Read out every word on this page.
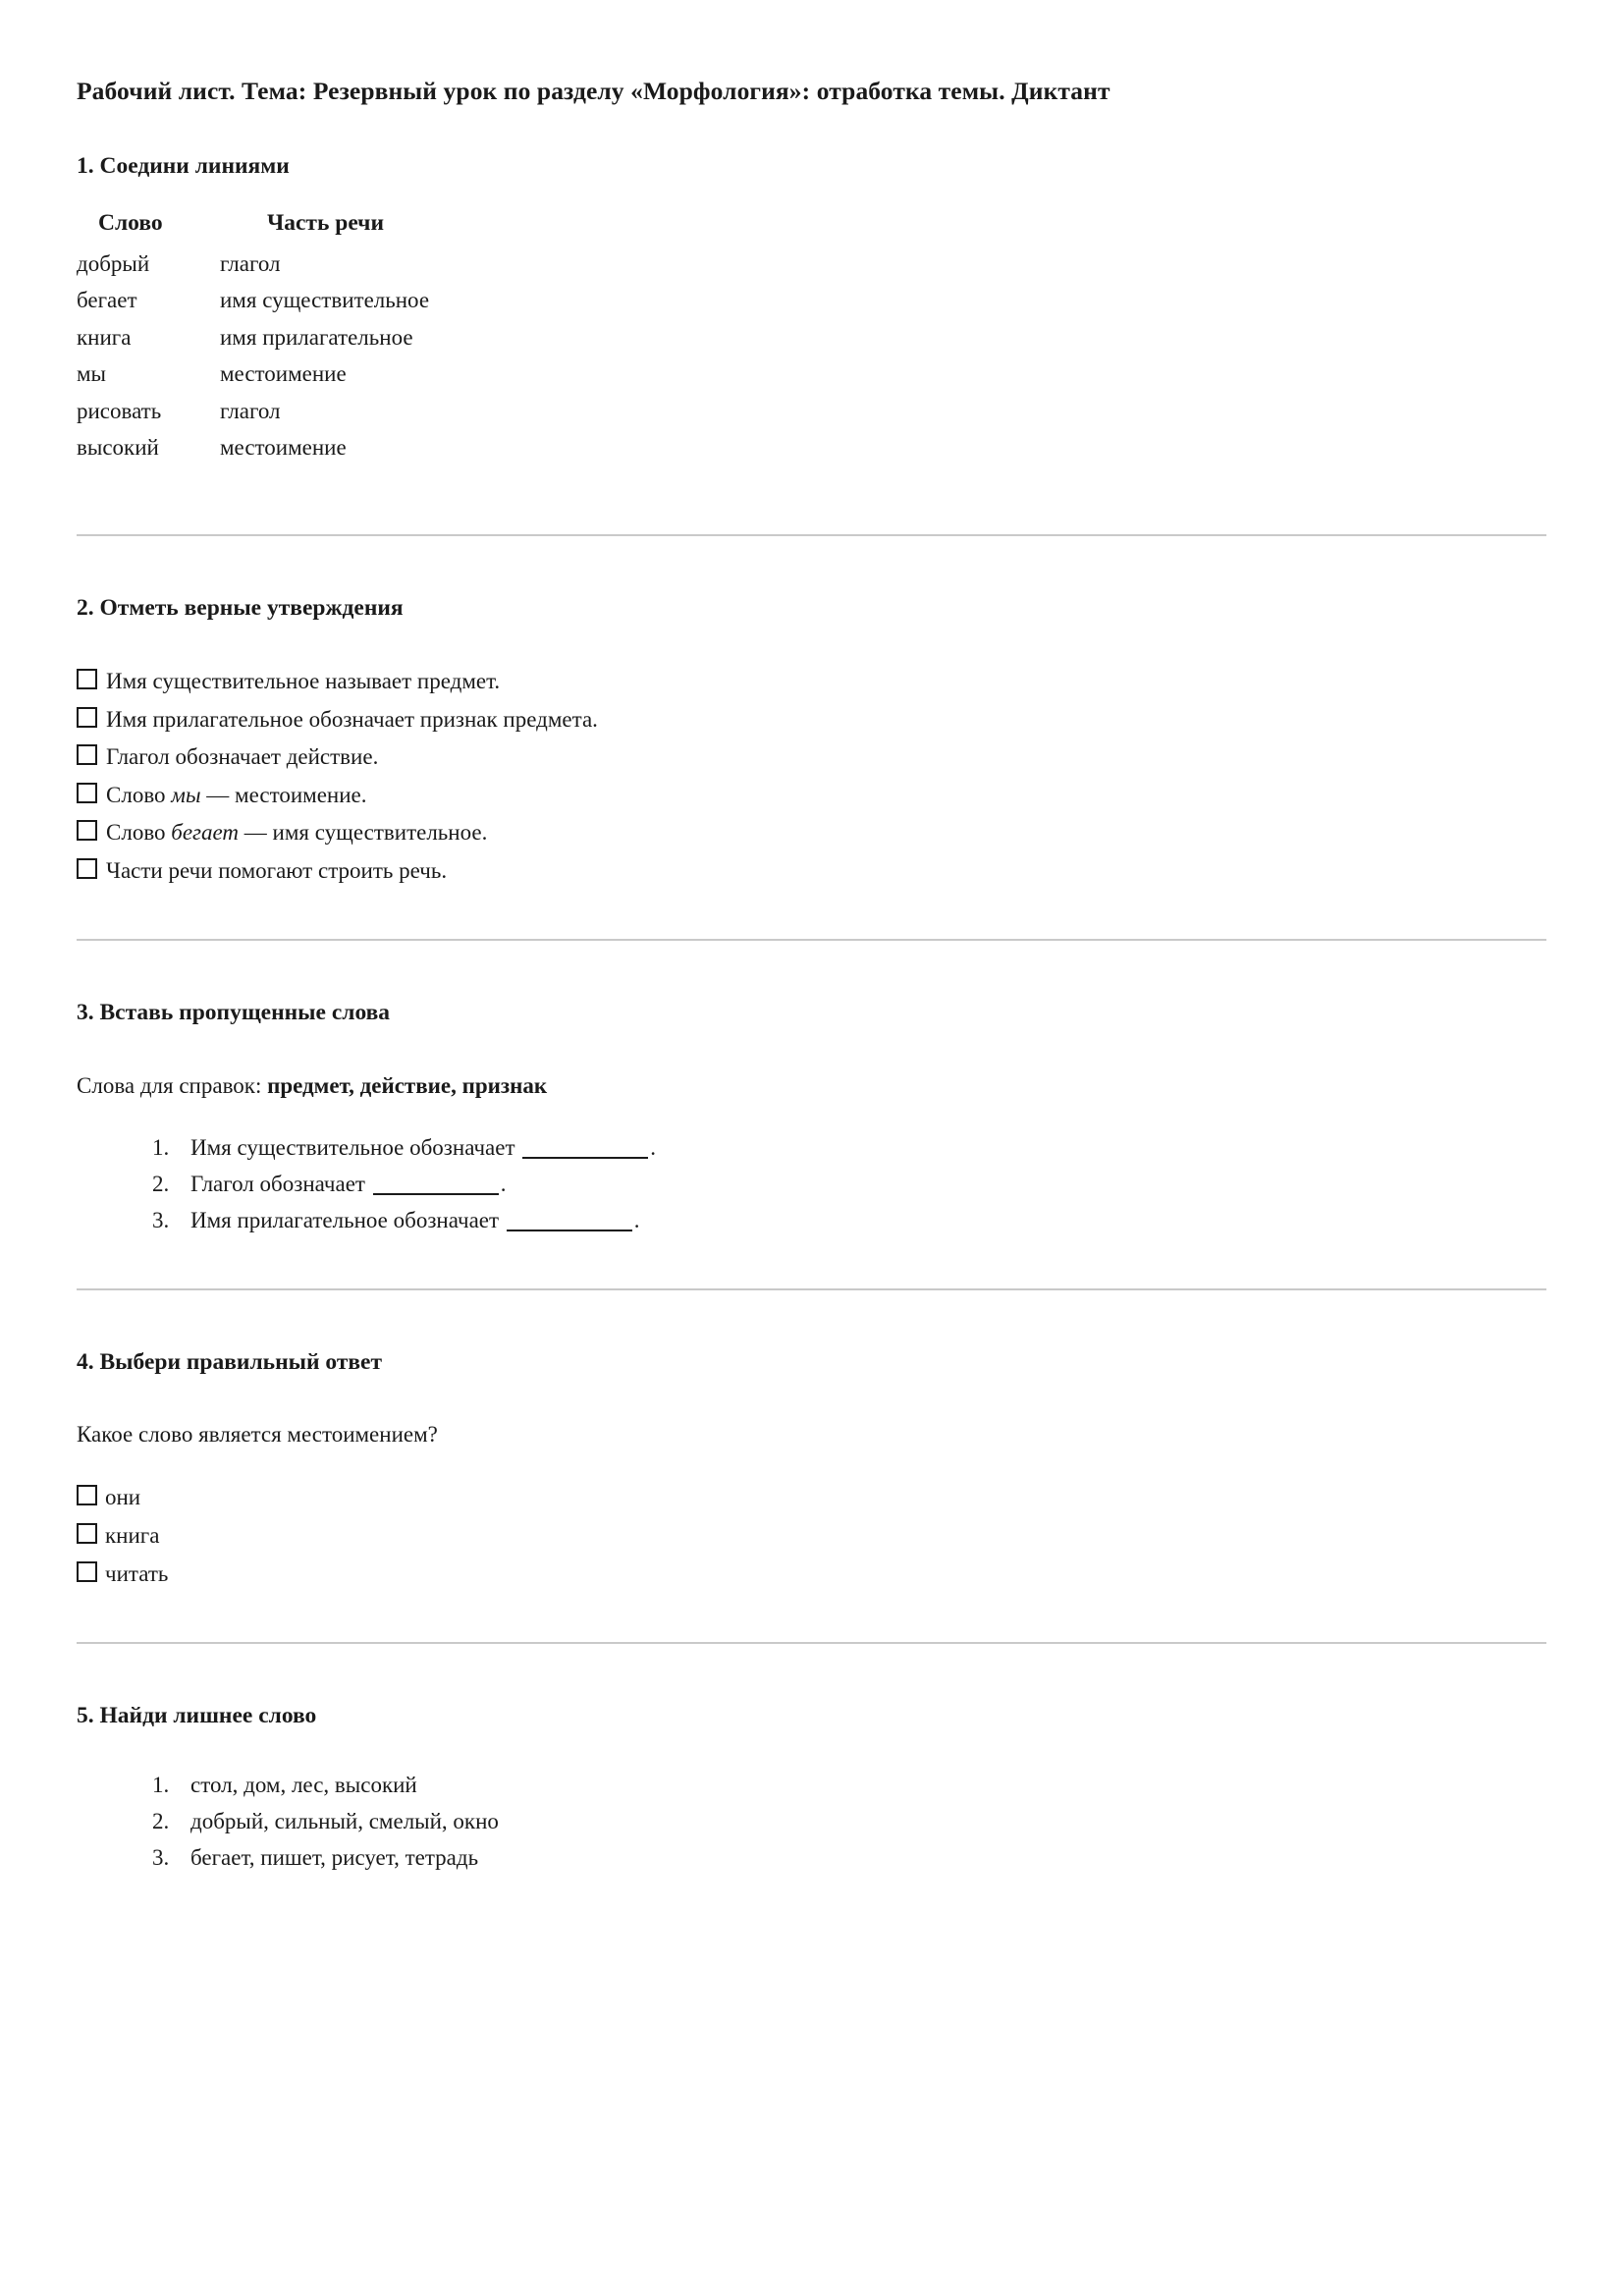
Рабочий лист. Тема: Резервный урок по разделу «Морфология»: отработка темы. Диктант
1. Соедини линиями
Слово	Часть речи
добрый	глагол
бегает	имя существительное
книга	имя прилагательное
мы	местоимение
рисовать	глагол
высокий	местоимение
2. Отметь верные утверждения
Имя существительное называет предмет.
Имя прилагательное обозначает признак предмета.
Глагол обозначает действие.
Слово мы — местоимение.
Слово бегает — имя существительное.
Части речи помогают строить речь.
3. Вставь пропущенные слова

Слова для справок: предмет, действие, признак

1. Имя существительное обозначает	.
2. Глагол обозначает	.
3. Имя прилагательное обозначает	.
4. Выбери правильный ответ

Какое слово является местоимением?

они
книга
читать
5. Найди лишнее слово
1. стол, дом, лес, высокий
2. добрый, сильный, смелый, окно
3. бегает, пишет, рисует, тетрадь
